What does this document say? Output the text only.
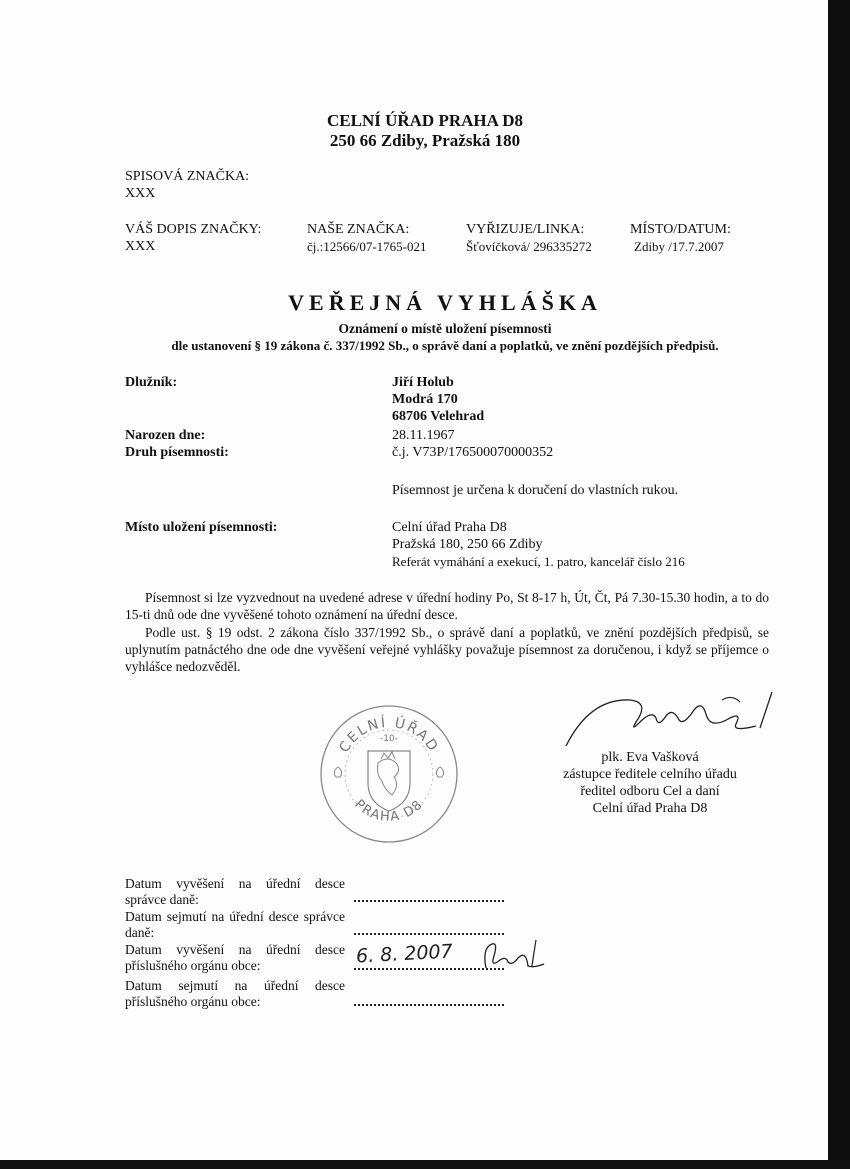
CELNÍ ÚŘAD PRAHA D8
250 66 Zdiby, Pražská 180
SPISOVÁ ZNAČKA:
XXX
VÁŠ DOPIS ZNAČKY:
XXX
NAŠE ZNAČKA:
čj.:12566/07-1765-021
VYŘIZUJE/LINKA:
Šťovíčková/ 296335272
MÍSTO/DATUM:
Zdiby /17.7.2007
VEŘEJNÁ VYHLÁŠKA
Oznámení o místě uložení písemnosti
dle ustanovení § 19 zákona č. 337/1992 Sb., o správě daní a poplatků, ve znění pozdějších předpisů.
Dlužník:	Jiří Holub
Modrá 170
68706 Velehrad
Narozen dne:	28.11.1967
Druh písemnosti:	č.j. V73P/176500070000352
Písemnost je určena k doručení do vlastních rukou.
Místo uložení písemnosti:	Celní úřad Praha D8
Pražská 180, 250 66 Zdiby
Referát vymáhání a exekucí, 1. patro, kancelář číslo 216
Písemnost si lze vyzvednout na uvedené adrese v úřední hodiny Po, St 8-17 h, Út, Čt, Pá 7.30-15.30 hodin, a to do 15-ti dnů ode dne vyvěšené tohoto oznámení na úřední desce.
Podle ust. § 19 odst. 2 zákona číslo 337/1992 Sb., o správě daní a poplatků, ve znění pozdějších předpisů, se uplynutím patnáctého dne ode dne vyvěšení veřejné vyhlášky považuje písemnost za doručenou, i když se příjemce o vyhlášce nedozvěděl.
CELNÍ ÚŘAD
-10-
PRAHA D8
plk. Eva Vašková
zástupce ředitele celního úřadu
ředitel odboru Cel a daní
Celní úřad Praha D8
Datum vyvěšení na úřední desce správce daně:
Datum sejmutí na úřední desce správce daně:
Datum vyvěšení na úřední desce příslušného orgánu obce:	6. 8. 2007
Datum sejmutí na úřední desce příslušného orgánu obce:
